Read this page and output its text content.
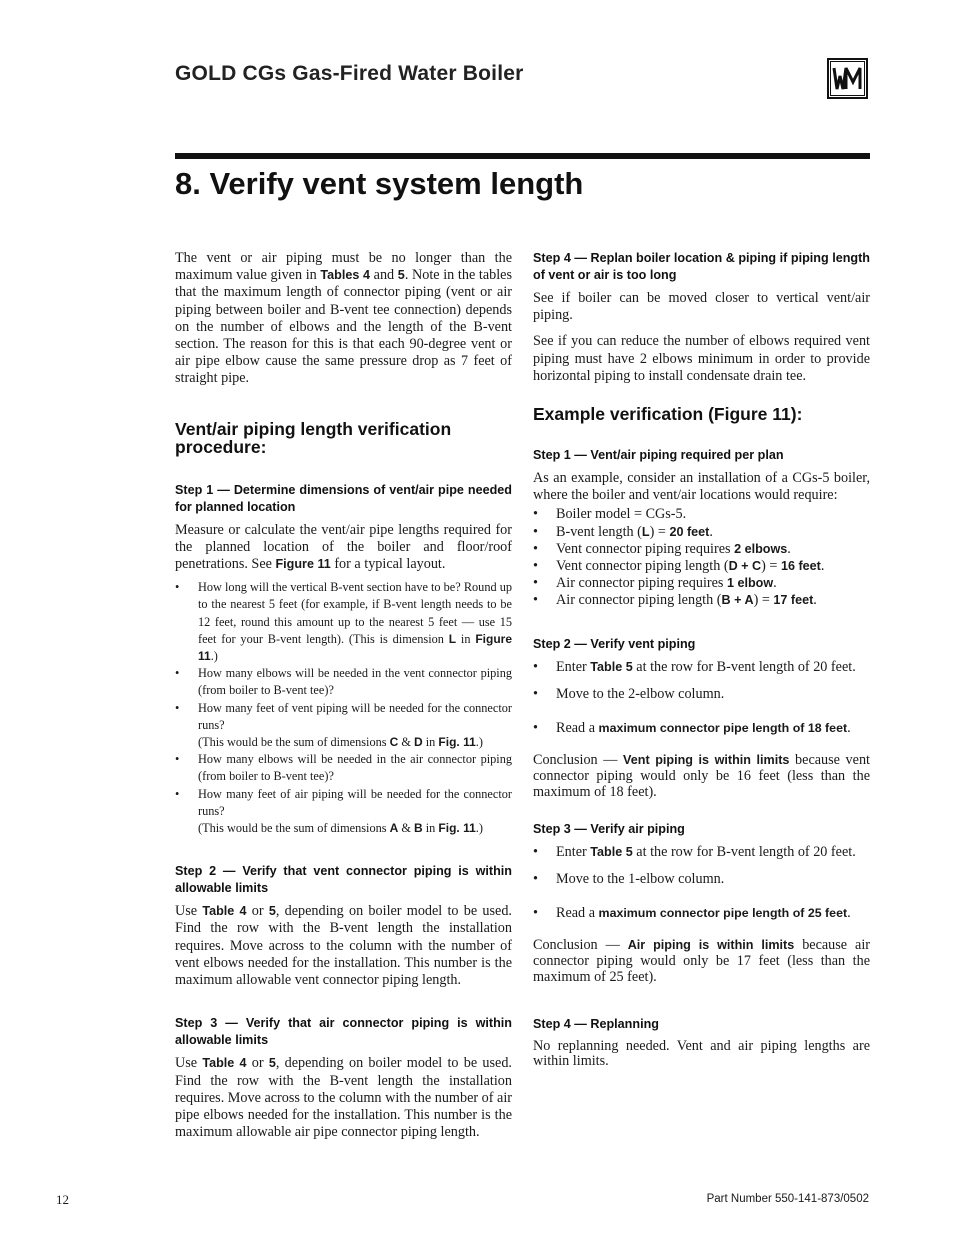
GOLD CGs Gas-Fired Water Boiler
8. Verify vent system length

The vent or air piping must be no longer than the maximum value given in Tables 4 and 5. Note in the tables that the maximum length of connector piping (vent or air piping between boiler and B-vent tee connection) depends on the number of elbows and the length of the B-vent section. The reason for this is that each 90-degree vent or air pipe elbow cause the same pressure drop as 7 feet of straight pipe.

Vent/air piping length verification procedure:
Step 1 — Determine dimensions of vent/air pipe needed for planned location

Measure or calculate the vent/air pipe lengths required for the planned location of the boiler and floor/roof penetrations. See Figure 11 for a typical layout.

• How long will the vertical B-vent section have to be? Round up to the nearest 5 feet (for example, if B-vent length needs to be 12 feet, round this amount up to the nearest 5 feet — use 15 feet for your B-vent length). (This is dimension L in Figure 11.)
• How many elbows will be needed in the vent connector piping (from boiler to B-vent tee)?
• How many feet of vent piping will be needed for the connector runs?
(This would be the sum of dimensions C & D in Fig. 11.)
• How many elbows will be needed in the air connector piping (from boiler to B-vent tee)?
• How many feet of air piping will be needed for the connector runs?
(This would be the sum of dimensions A & B in Fig. 11.)
Step 2 — Verify that vent connector piping is within allowable limits

Use Table 4 or 5, depending on boiler model to be used. Find the row with the B-vent length the installation requires. Move across to the column with the number of vent elbows needed for the installation. This number is the maximum allowable vent connector piping length.

Step 3 — Verify that air connector piping is within allowable limits

Use Table 4 or 5, depending on boiler model to be used. Find the row with the B-vent length the installation requires. Move across to the column with the number of air pipe elbows needed for the installation. This number is the maximum allowable air pipe connector piping length.

Step 4 — Replan boiler location & piping if piping length of vent or air is too long

See if boiler can be moved closer to vertical vent/air piping.

See if you can reduce the number of elbows required vent piping must have 2 elbows minimum in order to provide horizontal piping to install condensate drain tee.

Example verification (Figure 11):
Step 1 — Vent/air piping required per plan

As an example, consider an installation of a CGs-5 boiler, where the boiler and vent/air locations would require:

• Boiler model = CGs-5.
• B-vent length (L) = 20 feet.
• Vent connector piping requires 2 elbows.
• Vent connector piping length (D + C) = 16 feet.
• Air connector piping requires 1 elbow.
• Air connector piping length (B + A) = 17 feet.
Step 2 — Verify vent piping
• Enter Table 5 at the row for B-vent length of 20 feet.
• Move to the 2-elbow column.
• Read a maximum connector pipe length of 18 feet.

Conclusion — Vent piping is within limits because vent connector piping would only be 16 feet (less than the maximum of 18 feet).

Step 3 — Verify air piping
• Enter Table 5 at the row for B-vent length of 20 feet.
• Move to the 1-elbow column.
• Read a maximum connector pipe length of 25 feet.

Conclusion — Air piping is within limits because air connector piping would only be 17 feet (less than the maximum of 25 feet).

Step 4 — Replanning

No replanning needed. Vent and air piping lengths are within limits.

12	Part Number 550-141-873/0502
